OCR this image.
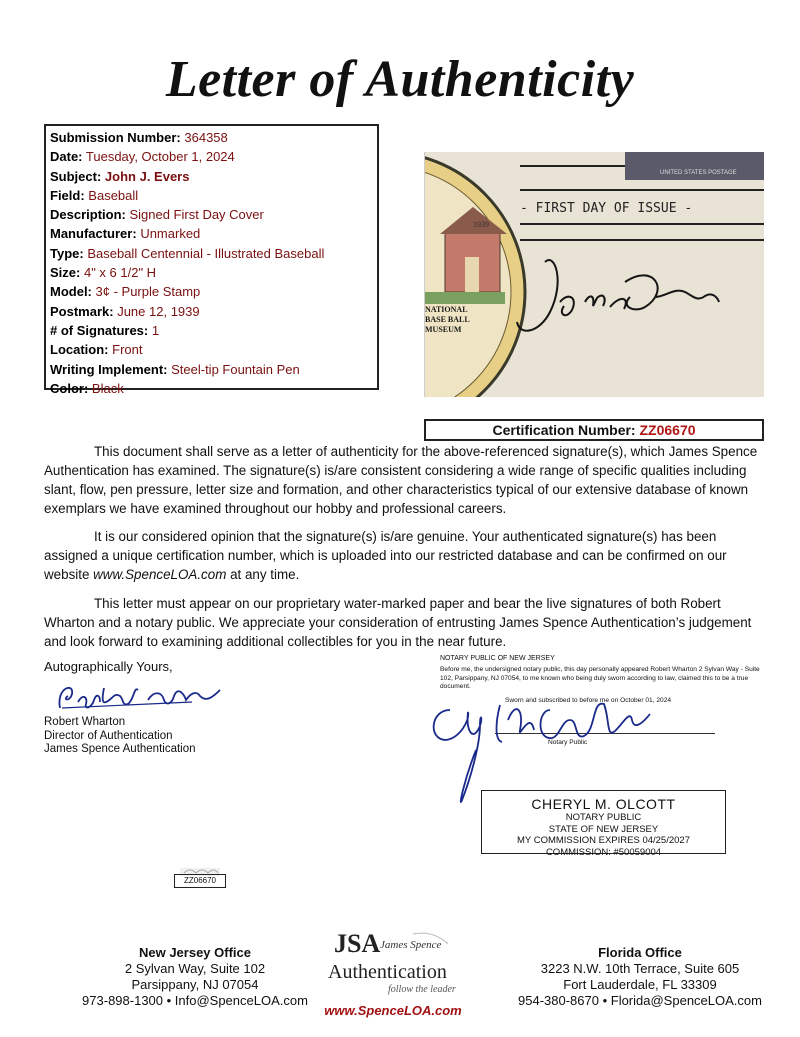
Letter of Authenticity
Submission Number: 364358
Date: Tuesday, October 1, 2024
Subject: John J. Evers
Field: Baseball
Description: Signed First Day Cover
Manufacturer: Unmarked
Type: Baseball Centennial - Illustrated Baseball
Size: 4" x 6 1/2" H
Model: 3¢ - Purple Stamp
Postmark: June 12, 1939
# of Signatures: 1
Location: Front
Writing Implement: Steel-tip Fountain Pen
Color: Black
1939
NATIONAL
BASE BALL
MUSEUM
- FIRST DAY OF ISSUE -
UNITED STATES POSTAGE
Certification Number: ZZ06670
This document shall serve as a letter of authenticity for the above-referenced signature(s), which James Spence Authentication has examined. The signature(s) is/are consistent considering a wide range of specific qualities including slant, flow, pen pressure, letter size and formation, and other characteristics typical of our extensive database of known exemplars we have examined throughout our hobby and professional careers.
It is our considered opinion that the signature(s) is/are genuine. Your authenticated signature(s) has been assigned a unique certification number, which is uploaded into our restricted database and can be confirmed on our website www.SpenceLOA.com at any time.
This letter must appear on our proprietary water-marked paper and bear the live signatures of both Robert Wharton and a notary public. We appreciate your consideration of entrusting James Spence Authentication’s judgement and look forward to examining additional collectibles for you in the near future.
Autographically Yours,
Robert Wharton
Director of Authentication
James Spence Authentication
NOTARY PUBLIC OF NEW JERSEY
Before me, the undersigned notary public, this day personally appeared Robert Wharton 2 Sylvan Way - Suite 102, Parsippany, NJ 07054, to me known who being duly sworn according to law, claimed this to be a true document.
Sworn and subscribed to before me on October 01, 2024
Notary Public
CHERYL M. OLCOTT
NOTARY PUBLIC
STATE OF NEW JERSEY
MY COMMISSION EXPIRES 04/25/2027
COMMISSION: #50059004
ZZ06670
New Jersey Office
2 Sylvan Way, Suite 102
Parsippany, NJ 07054
973-898-1300 • Info@SpenceLOA.com
JSA James Spence
Authentication
follow the leader
www.SpenceLOA.com
Florida Office
3223 N.W. 10th Terrace, Suite 605
Fort Lauderdale, FL 33309
954-380-8670 • Florida@SpenceLOA.com
